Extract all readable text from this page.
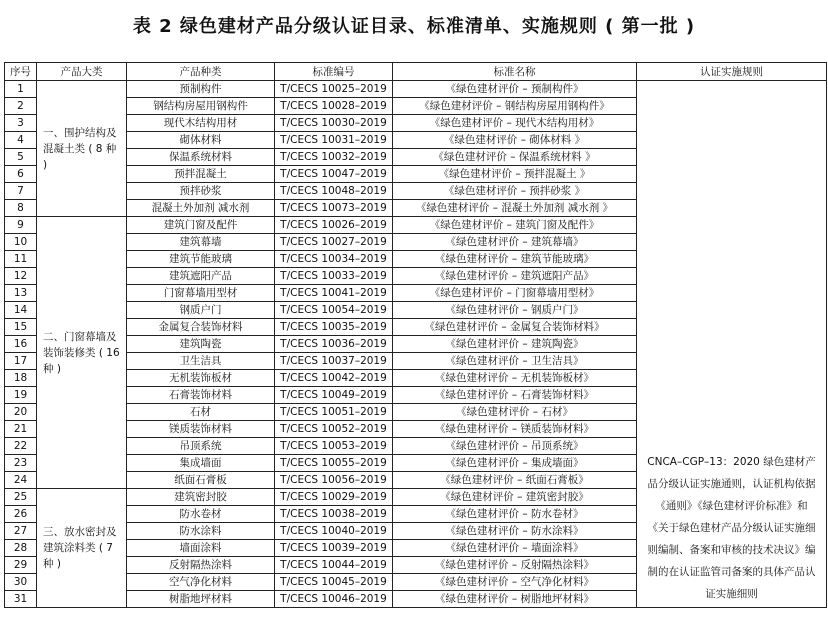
表 2 绿色建材产品分级认证目录、标准清单、实施规则 ( 第一批 )
序号	产品大类	产品种类	标准编号	标准名称	认证实施规则
1	一、围护结构及混凝土类 ( 8 种 )	预制构件	T/CECS 10025–2019	《绿色建材评价 – 预制构件》	CNCA–CGP–13：2020 绿色建材产品分级认证实施通则，认证机构依据《通则》《绿色建材评价标准》和《关于绿色建材产品分级认证实施细则编制、备案和审核的技术决议》编制的在认证监管司备案的具体产品认证实施细则
2		钢结构房屋用钢构件	T/CECS 10028–2019	《绿色建材评价 – 钢结构房屋用钢构件》	
3		现代木结构用材	T/CECS 10030–2019	《绿色建材评价 – 现代木结构用材》	
4		砌体材料	T/CECS 10031–2019	《绿色建材评价 – 砌体材料 》	
5		保温系统材料	T/CECS 10032–2019	《绿色建材评价 – 保温系统材料 》	
6		预拌混凝土	T/CECS 10047–2019	《绿色建材评价 – 预拌混凝土 》	
7		预拌砂浆	T/CECS 10048–2019	《绿色建材评价 – 预拌砂浆 》	
8		混凝土外加剂 减水剂	T/CECS 10073–2019	《绿色建材评价 – 混凝土外加剂 减水剂 》	
9	二、门窗幕墙及装饰装修类 ( 16 种 )	建筑门窗及配件	T/CECS 10026–2019	《绿色建材评价 – 建筑门窗及配件》	
10		建筑幕墙	T/CECS 10027–2019	《绿色建材评价 – 建筑幕墙》	
11		建筑节能玻璃	T/CECS 10034–2019	《绿色建材评价 – 建筑节能玻璃》	
12		建筑遮阳产品	T/CECS 10033–2019	《绿色建材评价 – 建筑遮阳产品》	
13		门窗幕墙用型材	T/CECS 10041–2019	《绿色建材评价 – 门窗幕墙用型材》	
14		钢质户门	T/CECS 10054–2019	《绿色建材评价 – 钢质户门》	
15		金属复合装饰材料	T/CECS 10035–2019	《绿色建材评价 – 金属复合装饰材料》	
16		建筑陶瓷	T/CECS 10036–2019	《绿色建材评价 – 建筑陶瓷》	
17		卫生洁具	T/CECS 10037–2019	《绿色建材评价 – 卫生洁具》	
18		无机装饰板材	T/CECS 10042–2019	《绿色建材评价 – 无机装饰板材》	
19		石膏装饰材料	T/CECS 10049–2019	《绿色建材评价 – 石膏装饰材料》	
20		石材	T/CECS 10051–2019	《绿色建材评价 – 石材》	
21		镁质装饰材料	T/CECS 10052–2019	《绿色建材评价 – 镁质装饰材料》	
22		吊顶系统	T/CECS 10053–2019	《绿色建材评价 – 吊顶系统》	
23		集成墙面	T/CECS 10055–2019	《绿色建材评价 – 集成墙面》	
24		纸面石膏板	T/CECS 10056–2019	《绿色建材评价 – 纸面石膏板》	
25	三、放水密封及建筑涂料类 ( 7 种 )	建筑密封胶	T/CECS 10029–2019	《绿色建材评价 – 建筑密封胶》	
26		防水卷材	T/CECS 10038–2019	《绿色建材评价 – 防水卷材》	
27		防水涂料	T/CECS 10040–2019	《绿色建材评价 – 防水涂料》	
28		墙面涂料	T/CECS 10039–2019	《绿色建材评价 – 墙面涂料》	
29		反射隔热涂料	T/CECS 10044–2019	《绿色建材评价 – 反射隔热涂料》	
30		空气净化材料	T/CECS 10045–2019	《绿色建材评价 – 空气净化材料》	
31		树脂地坪材料	T/CECS 10046–2019	《绿色建材评价 – 树脂地坪材料》	
